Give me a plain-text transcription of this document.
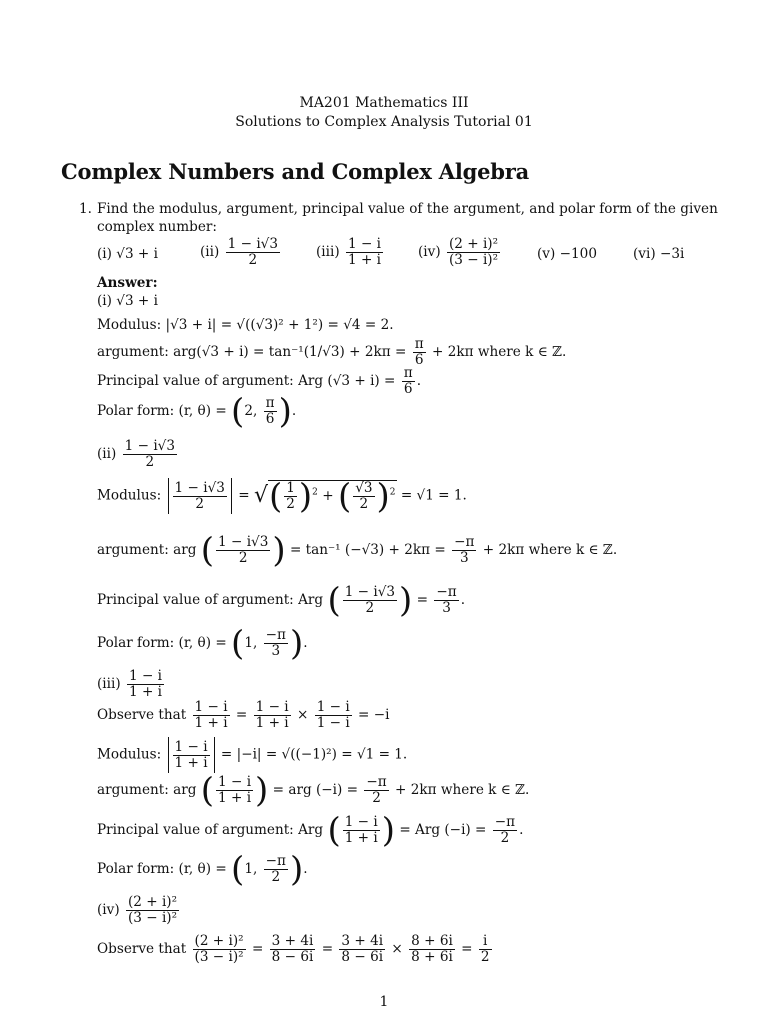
MA201 Mathematics III
Solutions to Complex Analysis Tutorial 01
Complex Numbers and Complex Algebra
1. Find the modulus, argument, principal value of the argument, and polar form of the given
complex number:
(i) √3 + i	$(ii) \frac{1 - i√3}{2}$	$(iii) \frac{1 - i}{1 + i}$	$(iv) \frac{\text{(2 + i)²}}{\text{(3 − i)²}}$	(v) −100	(vi) −3i
Answer:
(i) √3 + i
Modulus: |√3 + i| = √((√3)² + 1²) = √4 = 2.
argument: $arg(√3 + i) = \tan^{-1}(1/√3) + 2k\pi = \frac{\pi}{6} + 2k\pi$ where k ∈ ℤ.
Principal value of argument: Arg $(√3 + i) = \frac{\pi}{6}$ .
Polar form: (r, θ) = (2, $\frac{\pi}{6}$ ).
$(ii) \frac{1 - i√3}{2}$
Modulus: $\frac{1 - i√3}{2}$ = √( $\frac{1}{2} )^2$ + ( $\frac{√3}{2} )^2 = √1 = 1$.
argument: arg ( $\frac{1 - i√3}{2}$ ) = tan⁻¹ $(-√3) + 2k\pi = \frac{-\pi}{3} + 2k\pi$ where k ∈ ℤ.
Principal value of argument: Arg ( $\frac{1 - i√3}{2}$ ) = $\frac{-\pi}{3}$ .
Polar form: (r, θ) = (1, $\frac{-\pi}{3}$ ).
$(iii) \frac{1 - i}{1 + i}$
Observe that $\frac{1 - i}{1 + i} = \frac{1 - i}{1 + i} \times \frac{1 - i}{1 - i} = -i$
Modulus: $\frac{1 - i}{1 + i} = |-i| = √((-1)^2) = √1 = 1$.
argument: arg ( $\frac{1 - i}{1 + i}$ ) = arg $(-i) = \frac{-\pi}{2} + 2k\pi$ where k ∈ ℤ.
Principal value of argument: Arg ( $\frac{1 - i}{1 + i}$ ) = Arg $(-i) = \frac{-\pi}{2}$ .
Polar form: (r, θ) = (1, $\frac{-\pi}{2}$ ).
$(iv) \frac{\text{(2 + i)²}}{\text{(3 − i)²}}$
Observe that $\frac{\text{(2 + i)²}}{\text{(3 − i)²}} = \frac{3 + 4i}{8 - 6i} = \frac{3 + 4i}{8 - 6i} \times \frac{8 + 6i}{8 + 6i} = \frac{i}{2}$
1
